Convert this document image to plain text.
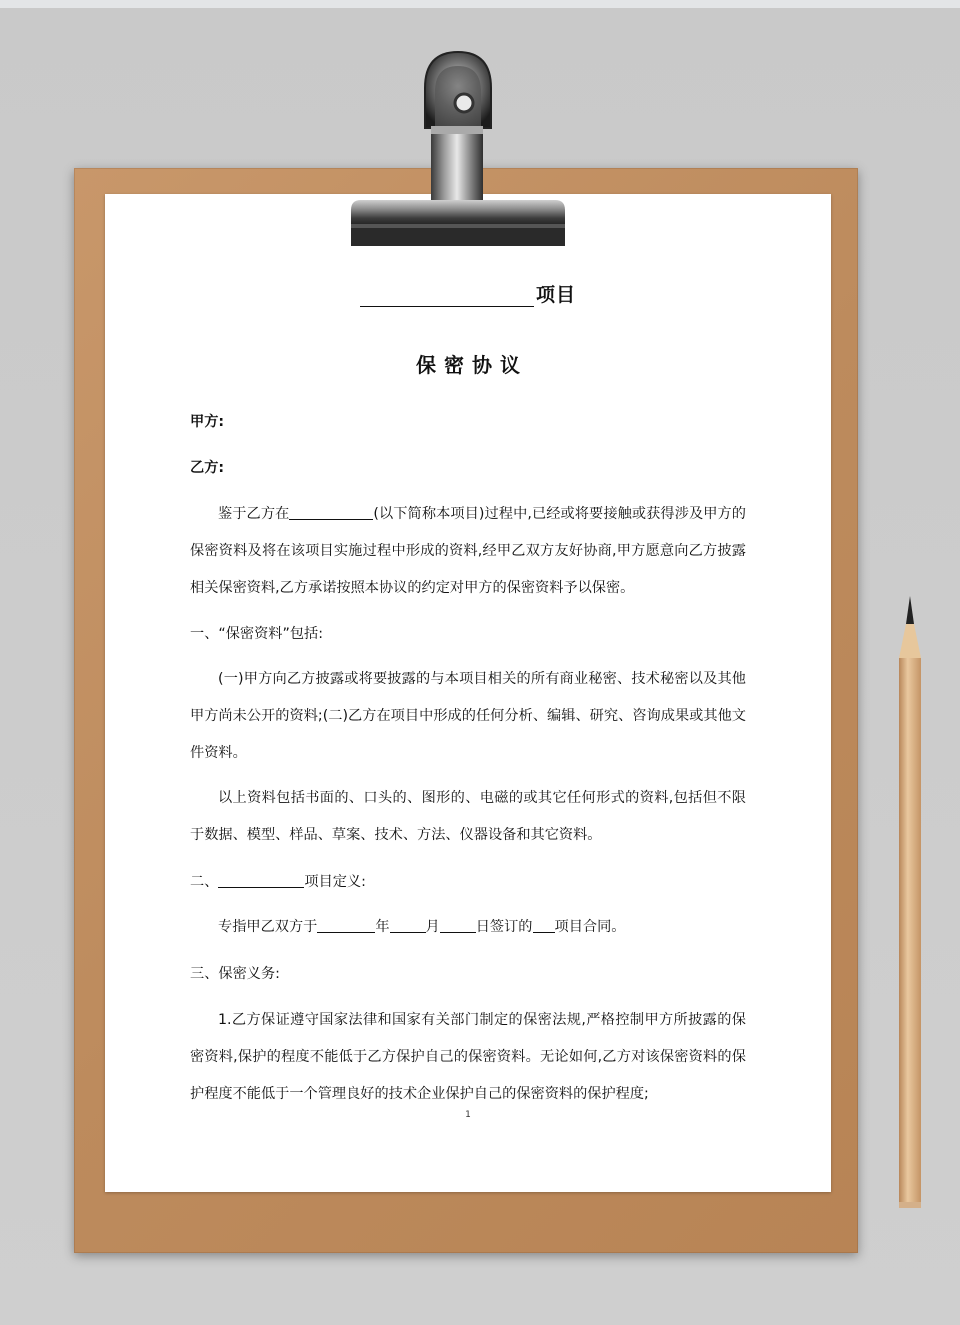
项目
保密协议

甲方:

乙方:

鉴于乙方在	(以下简称本项目)过程中,已经或将要接触或获得涉及甲方的保密资料及将在该项目实施过程中形成的资料,经甲乙双方友好协商,甲方愿意向乙方披露相关保密资料,乙方承诺按照本协议的约定对甲方的保密资料予以保密。

一、“保密资料”包括:

(一)甲方向乙方披露或将要披露的与本项目相关的所有商业秘密、技术秘密以及其他甲方尚未公开的资料;(二)乙方在项目中形成的任何分析、编辑、研究、咨询成果或其他文件资料。

以上资料包括书面的、口头的、图形的、电磁的或其它任何形式的资料,包括但不限于数据、模型、样品、草案、技术、方法、仪器设备和其它资料。

二、	项目定义:

专指甲乙双方于	年	月	日签订的 项目合同。

三、保密义务:

1.乙方保证遵守国家法律和国家有关部门制定的保密法规,严格控制甲方所披露的保密资料,保护的程度不能低于乙方保护自己的保密资料。无论如何,乙方对该保密资料的保护程度不能低于一个管理良好的技术企业保护自己的保密资料的保护程度;

1
